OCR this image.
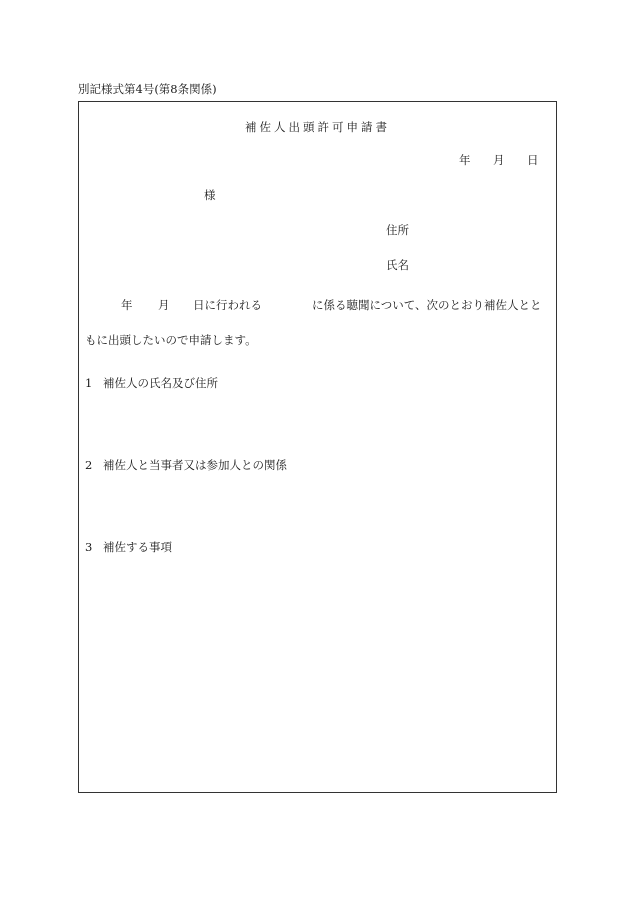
別記様式第4号(第8条関係)
補佐人出頭許可申請書
年 月 日
様
住所
氏名
年 月 日に行われる	に係る聴聞について、次のとおり補佐人とと
もに出頭したいので申請します。
1 補佐人の氏名及び住所
2 補佐人と当事者又は参加人との関係
3 補佐する事項
